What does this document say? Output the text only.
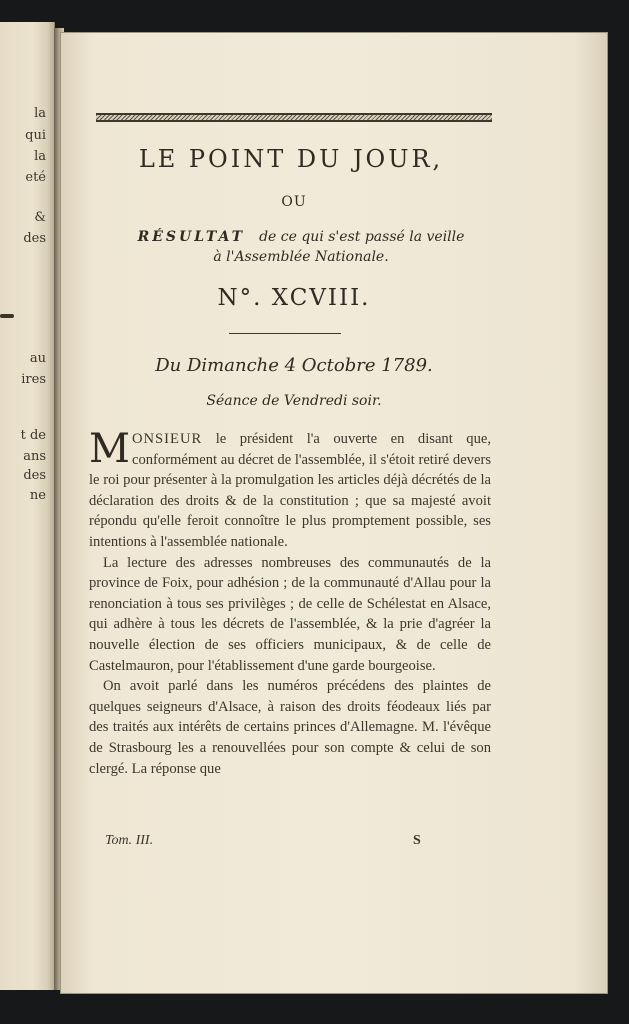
la
qui
la
eté
&
des
au
ires
t de
ans
des
ne
LE POINT DU JOUR,
OU
RÉSULTAT de ce qui s'est passé la veille
à l'Assemblée Nationale.
N°. XCVIII.
Du Dimanche 4 Octobre 1789.
Séance de Vendredi soir.

MONSIEUR le président l'a ouverte en disant que, conformément au décret de l'assemblée, il s'étoit retiré devers le roi pour présenter à la promulgation les articles déjà décrétés de la déclaration des droits & de la constitution ; que sa majesté avoit répondu qu'elle feroit connoître le plus promptement possible, ses intentions à l'assemblée nationale.

La lecture des adresses nombreuses des communautés de la province de Foix, pour adhésion ; de la communauté d'Allau pour la renonciation à tous ses privilèges ; de celle de Schélestat en Alsace, qui adhère à tous les décrets de l'assemblée, & la prie d'agréer la nouvelle élection de ses officiers municipaux, & de celle de Castelmauron, pour l'établissement d'une garde bourgeoise.

On avoit parlé dans les numéros précédens des plaintes de quelques seigneurs d'Alsace, à raison des droits féodeaux liés par des traités aux intérêts de certains princes d'Allemagne. M. l'évêque de Strasbourg les a renouvellées pour son compte & celui de son clergé. La réponse que

Tom. III.	S
